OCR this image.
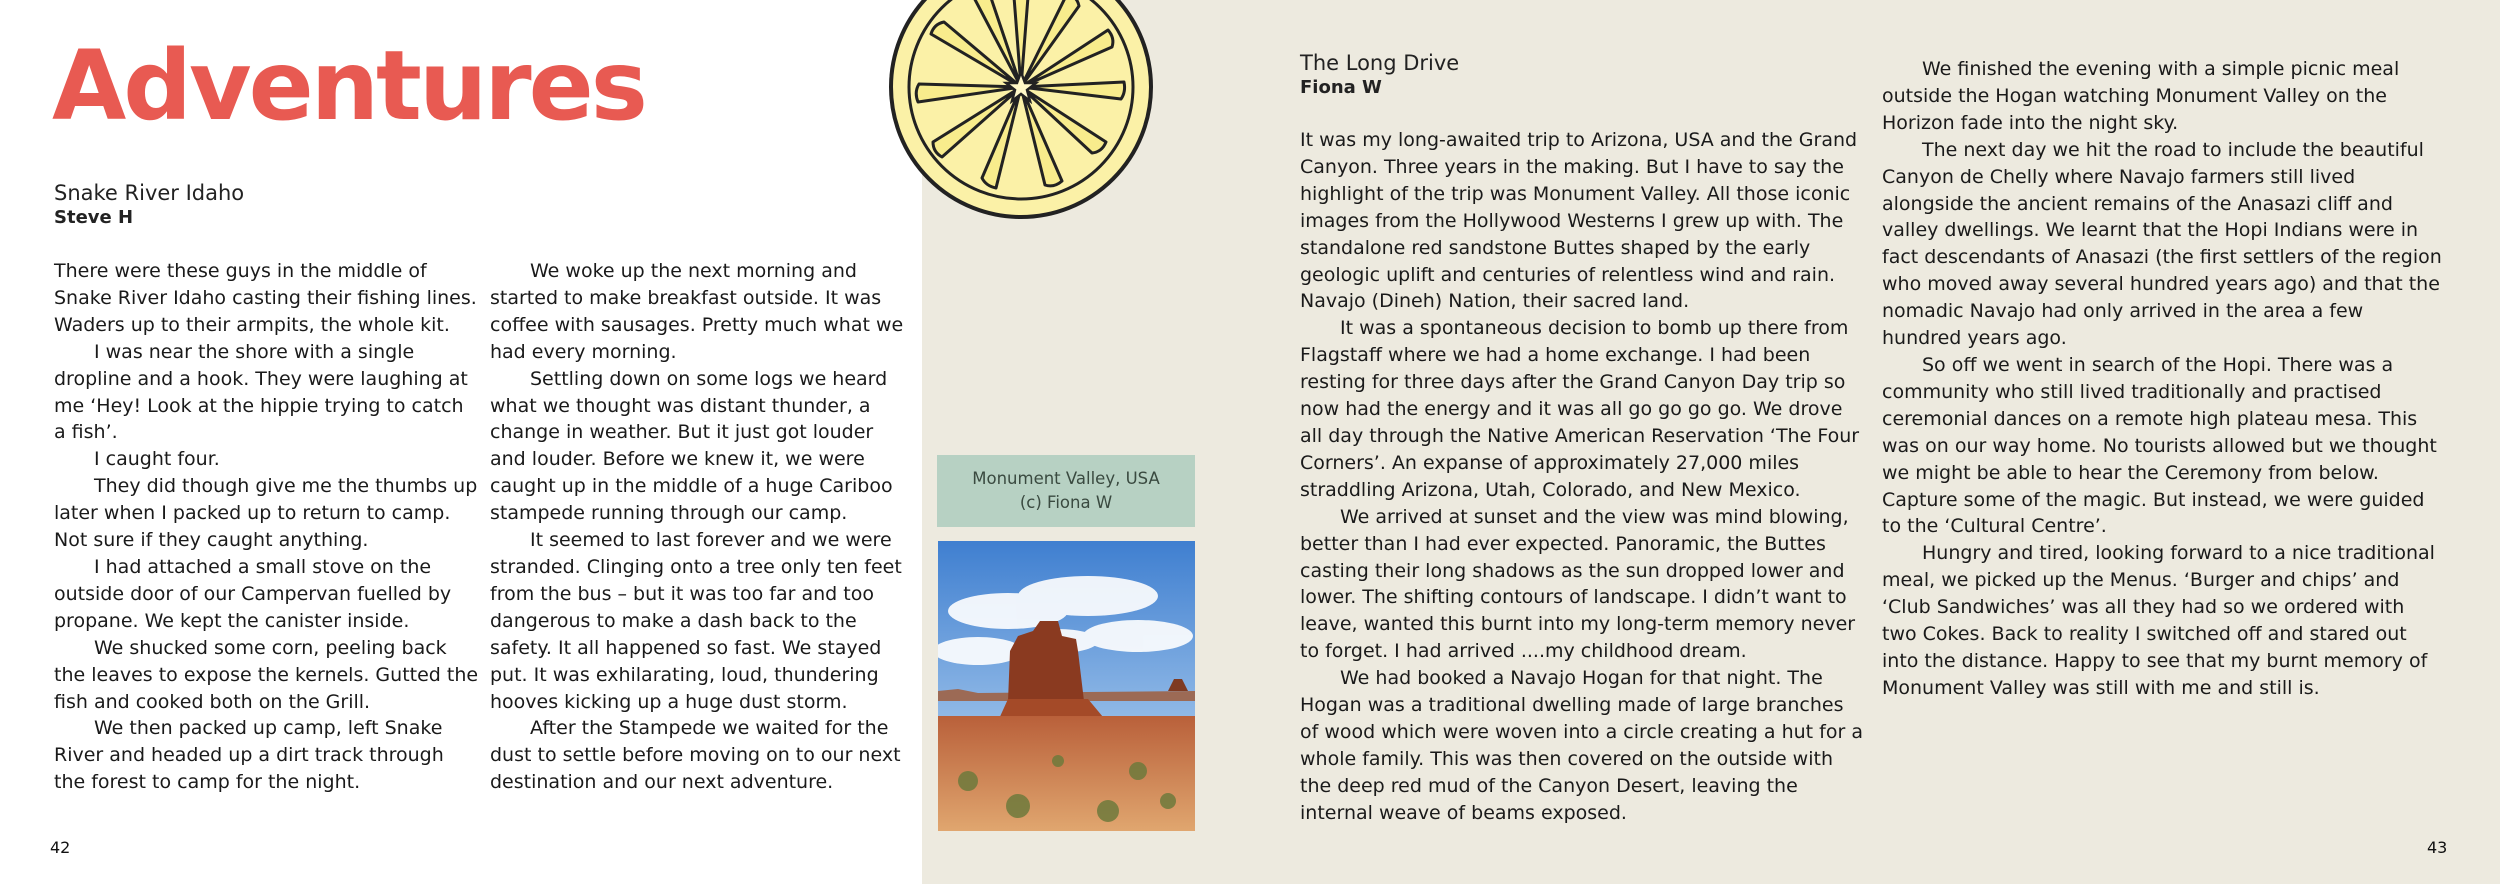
Adventures
Snake River Idaho
Steve H

There were these guys in the middle of Snake River Idaho casting their fishing lines. Waders up to their armpits, the whole kit.

I was near the shore with a single dropline and a hook. They were laughing at me ‘Hey! Look at the hippie trying to catch a fish’.

I caught four.

They did though give me the thumbs up later when I packed up to return to camp. Not sure if they caught anything.

I had attached a small stove on the outside door of our Campervan fuelled by propane. We kept the canister inside.

We shucked some corn, peeling back the leaves to expose the kernels. Gutted the fish and cooked both on the Grill.

We then packed up camp, left Snake River and headed up a dirt track through the forest to camp for the night.

We woke up the next morning and started to make breakfast outside. It was coffee with sausages. Pretty much what we had every morning.

Settling down on some logs we heard what we thought was distant thunder, a change in weather. But it just got louder and louder. Before we knew it, we were caught up in the middle of a huge Cariboo stampede running through our camp.

It seemed to last forever and we were stranded. Clinging onto a tree only ten feet from the bus – but it was too far and too dangerous to make a dash back to the safety. It all happened so fast. We stayed put. It was exhilarating, loud, thundering hooves kicking up a huge dust storm.

After the Stampede we waited for the dust to settle before moving on to our next destination and our next adventure.

42
Monument Valley, USA (c) Fiona W
The Long Drive
Fiona W

It was my long-awaited trip to Arizona, USA and the Grand Canyon. Three years in the making. But I have to say the highlight of the trip was Monument Valley. All those iconic images from the Hollywood Westerns I grew up with. The standalone red sandstone Buttes shaped by the early geologic uplift and centuries of relentless wind and rain. Navajo (Dineh) Nation, their sacred land.

It was a spontaneous decision to bomb up there from Flagstaff where we had a home exchange. I had been resting for three days after the Grand Canyon Day trip so now had the energy and it was all go go go go. We drove all day through the Native American Reservation ‘The Four Corners’. An expanse of approximately 27,000 miles straddling Arizona, Utah, Colorado, and New Mexico.

We arrived at sunset and the view was mind blowing, better than I had ever expected. Panoramic, the Buttes casting their long shadows as the sun dropped lower and lower. The shifting contours of landscape. I didn’t want to leave, wanted this burnt into my long-term memory never to forget. I had arrived ....my childhood dream.

We had booked a Navajo Hogan for that night. The Hogan was a traditional dwelling made of large branches of wood which were woven into a circle creating a hut for a whole family. This was then covered on the outside with the deep red mud of the Canyon Desert, leaving the internal weave of beams exposed.

We finished the evening with a simple picnic meal outside the Hogan watching Monument Valley on the Horizon fade into the night sky.

The next day we hit the road to include the beautiful Canyon de Chelly where Navajo farmers still lived alongside the ancient remains of the Anasazi cliff and valley dwellings. We learnt that the Hopi Indians were in fact descendants of Anasazi (the first settlers of the region who moved away several hundred years ago) and that the nomadic Navajo had only arrived in the area a few hundred years ago.

So off we went in search of the Hopi. There was a community who still lived traditionally and practised ceremonial dances on a remote high plateau mesa. This was on our way home. No tourists allowed but we thought we might be able to hear the Ceremony from below. Capture some of the magic. But instead, we were guided to the ‘Cultural Centre’.

Hungry and tired, looking forward to a nice traditional meal, we picked up the Menus. ‘Burger and chips’ and ‘Club Sandwiches’ was all they had so we ordered with two Cokes. Back to reality I switched off and stared out into the distance. Happy to see that my burnt memory of Monument Valley was still with me and still is.

43
